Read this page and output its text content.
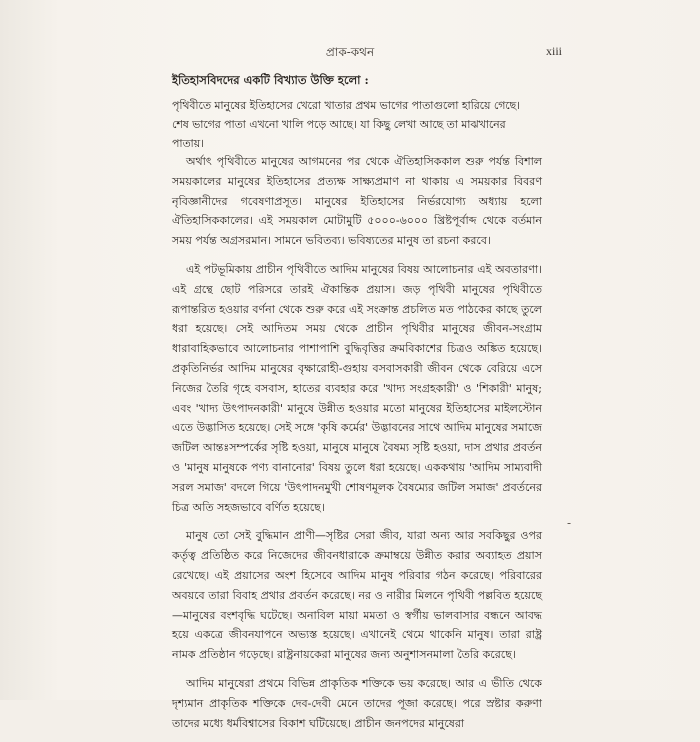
প্রাক-কথন	xiii
ইতিহাসবিদদের একটি বিখ্যাত উক্তি হলো :
পৃথিবীতে মানুষের ইতিহাসের খেরো খাতার প্রথম ভাগের পাতাগুলো হারিয়ে গেছে।
শেষ ভাগের পাতা এখনো খালি পড়ে আছে। যা কিছু লেখা আছে তা মাঝখানের
পাতায়।

অর্থাৎ পৃথিবীতে মানুষের আগমনের পর থেকে ঐতিহাসিককাল শুরু পর্যন্ত বিশাল সময়কালের মানুষের ইতিহাসের প্রত্যক্ষ সাক্ষ্যপ্রমাণ না থাকায় এ সময়কার বিবরণ নৃবিজ্ঞানীদের গবেষণাপ্রসূত। মানুষের ইতিহাসের নির্ভরযোগ্য অধ্যায় হলো ঐতিহাসিককালের। এই সময়কাল মোটামুটি ৫০০০-৬০০০ খ্রিষ্টপূর্বাব্দ থেকে বর্তমান সময় পর্যন্ত অগ্রসরমান। সামনে ভবিতব্য। ভবিষ্যতের মানুষ তা রচনা করবে।

এই পটভূমিকায় প্রাচীন পৃথিবীতে আদিম মানুষের বিষয় আলোচনার এই অবতারণা। এই গ্রন্থে ছোট পরিসরে তারই ঐকান্তিক প্রয়াস। জড় পৃথিবী মানুষের পৃথিবীতে রূপান্তরিত হওয়ার বর্ণনা থেকে শুরু করে এই সংক্রান্ত প্রচলিত মত পাঠকের কাছে তুলে ধরা হয়েছে। সেই আদিতম সময় থেকে প্রাচীন পৃথিবীর মানুষের জীবন-সংগ্রাম ধারাবাহিকভাবে আলোচনার পাশাপাশি বুদ্ধিবৃত্তির ক্রমবিকাশের চিত্রও অঙ্কিত হয়েছে। প্রকৃতিনির্ভর আদিম মানুষের বৃক্ষারোহী-গুহায় বসবাসকারী জীবন থেকে বেরিয়ে এসে নিজের তৈরি গৃহে বসবাস, হাতের ব্যবহার করে 'খাদ্য সংগ্রহকারী' ও 'শিকারী' মানুষ; এবং 'খাদ্য উৎপাদনকারী' মানুষে উন্নীত হওয়ার মতো মানুষের ইতিহাসের মাইলস্টোন এতে উদ্ভাসিত হয়েছে। সেই সঙ্গে 'কৃষি কর্মের' উদ্ভাবনের সাথে আদিম মানুষের সমাজে জটিল আন্তঃসম্পর্কের সৃষ্টি হওয়া, মানুষে মানুষে বৈষম্য সৃষ্টি হওয়া, দাস প্রথার প্রবর্তন ও 'মানুষ মানুষকে পণ্য বানানোর' বিষয় তুলে ধরা হয়েছে। এককথায় 'আদিম সাম্যবাদী সরল সমাজ' বদলে গিয়ে 'উৎপাদনমুখী শোষণমূলক বৈষম্যের জটিল সমাজ' প্রবর্তনের চিত্র অতি সহজভাবে বর্ণিত হয়েছে।

মানুষ তো সেই বুদ্ধিমান প্রাণী—সৃষ্টির সেরা জীব, যারা অন্য আর সবকিছুর ওপর কর্তৃত্ব প্রতিষ্ঠিত করে নিজেদের জীবনধারাকে ক্রমাম্বয়ে উন্নীত করার অব্যাহত প্রয়াস রেখেছে। এই প্রয়াসের অংশ হিসেবে আদিম মানুষ পরিবার গঠন করেছে। পরিবারের অবয়বে তারা বিবাহ প্রথার প্রবর্তন করেছে। নর ও নারীর মিলনে পৃথিবী পল্লবিত হয়েছে—মানুষের বংশবৃদ্ধি ঘটেছে। অনাবিল মায়া মমতা ও স্বর্গীয় ভালবাসার বন্ধনে আবদ্ধ হয়ে একত্রে জীবনযাপনে অভ্যস্ত হয়েছে। এখানেই থেমে থাকেনি মানুষ। তারা রাষ্ট্র নামক প্রতিষ্ঠান গড়েছে। রাষ্ট্রনায়কেরা মানুষের জন্য অনুশাসনমালা তৈরি করেছে।

আদিম মানুষেরা প্রথমে বিভিন্ন প্রাকৃতিক শক্তিকে ভয় করেছে। আর এ ভীতি থেকে দৃশ্যমান প্রাকৃতিক শক্তিকে দেব-দেবী মেনে তাদের পূজা করেছে। পরে স্রষ্টার করুণা তাদের মধ্যে ধর্মবিশ্বাসের বিকাশ ঘটিয়েছে। প্রাচীন জনপদের মানুষেরা

-
